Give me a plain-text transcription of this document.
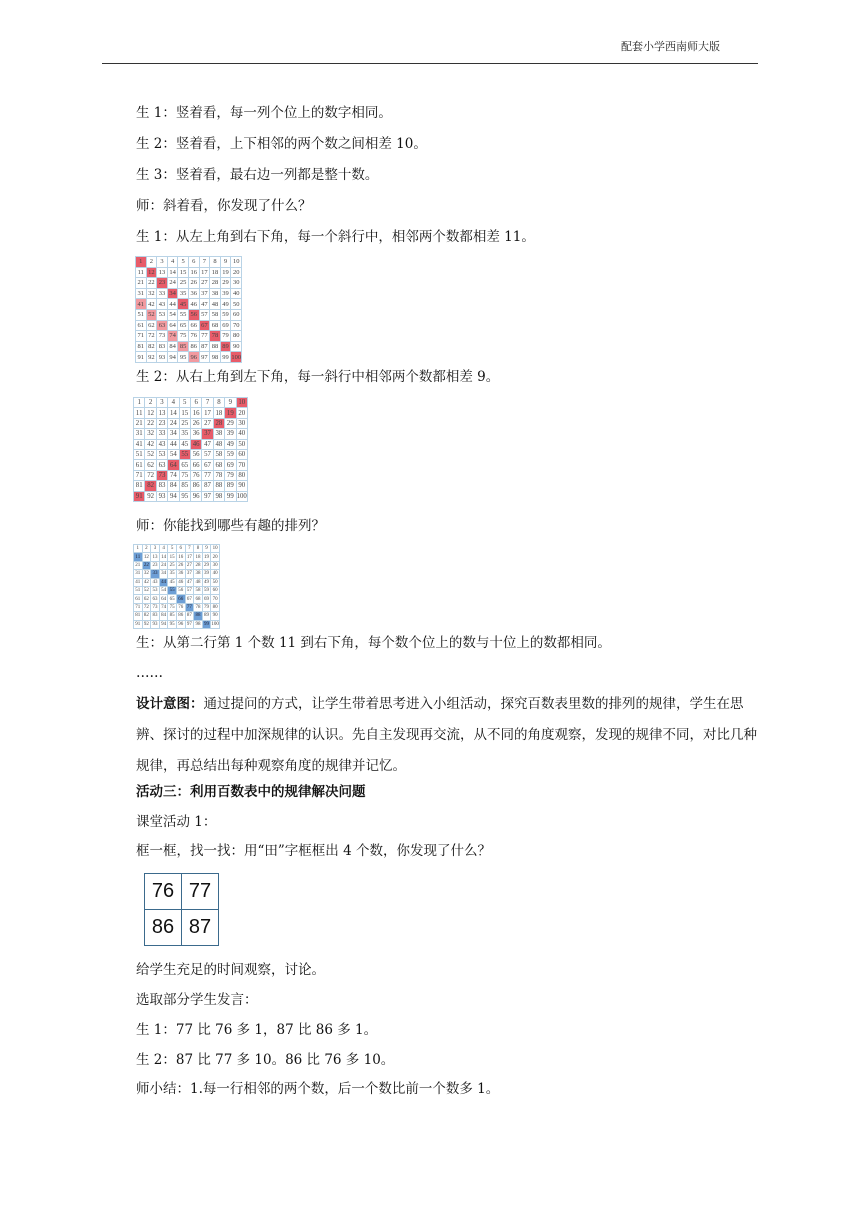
配套小学西南师大版
生 1：竖着看，每一列个位上的数字相同。
生 2：竖着看，上下相邻的两个数之间相差 10。
生 3：竖着看，最右边一列都是整十数。
师：斜着看，你发现了什么？
生 1：从左上角到右下角，每一个斜行中，相邻两个数都相差 11。
1	2	3	4	5	6	7	8	9	10
11	12	13	14	15	16	17	18	19	20
21	22	23	24	25	26	27	28	29	30
31	32	33	34	35	36	37	38	39	40
41	42	43	44	45	46	47	48	49	50
51	52	53	54	55	56	57	58	59	60
61	62	63	64	65	66	67	68	69	70
71	72	73	74	75	76	77	78	79	80
81	82	83	84	85	86	87	88	89	90
91	92	93	94	95	96	97	98	99	100
生 2：从右上角到左下角，每一斜行中相邻两个数都相差 9。
1	2	3	4	5	6	7	8	9	10
11	12	13	14	15	16	17	18	19	20
21	22	23	24	25	26	27	28	29	30
31	32	33	34	35	36	37	38	39	40
41	42	43	44	45	46	47	48	49	50
51	52	53	54	55	56	57	58	59	60
61	62	63	64	65	66	67	68	69	70
71	72	73	74	75	76	77	78	79	80
81	82	83	84	85	86	87	88	89	90
91	92	93	94	95	96	97	98	99	100
师：你能找到哪些有趣的排列？
1	2	3	4	5	6	7	8	9	10
11	12	13	14	15	16	17	18	19	20
21	22	23	24	25	26	27	28	29	30
31	32	33	34	35	36	37	38	39	40
41	42	43	44	45	46	47	48	49	50
51	52	53	54	55	56	57	58	59	60
61	62	63	64	65	66	67	68	69	70
71	72	73	74	75	76	77	78	79	80
81	82	83	84	85	86	87	88	89	90
91	92	93	94	95	96	97	98	99	100
生：从第二行第 1 个数 11 到右下角，每个数个位上的数与十位上的数都相同。
……
设计意图：通过提问的方式，让学生带着思考进入小组活动，探究百数表里数的排列的规律，学生在思辨、探讨的过程中加深规律的认识。先自主发现再交流，从不同的角度观察，发现的规律不同，对比几种规律，再总结出每种观察角度的规律并记忆。
活动三：利用百数表中的规律解决问题
课堂活动 1：
框一框，找一找：用“田”字框框出 4 个数，你发现了什么？
76	77
86	87
给学生充足的时间观察，讨论。
选取部分学生发言：
生 1：77 比 76 多 1，87 比 86 多 1。
生 2：87 比 77 多 10。86 比 76 多 10。
师小结：1.每一行相邻的两个数，后一个数比前一个数多 1。
